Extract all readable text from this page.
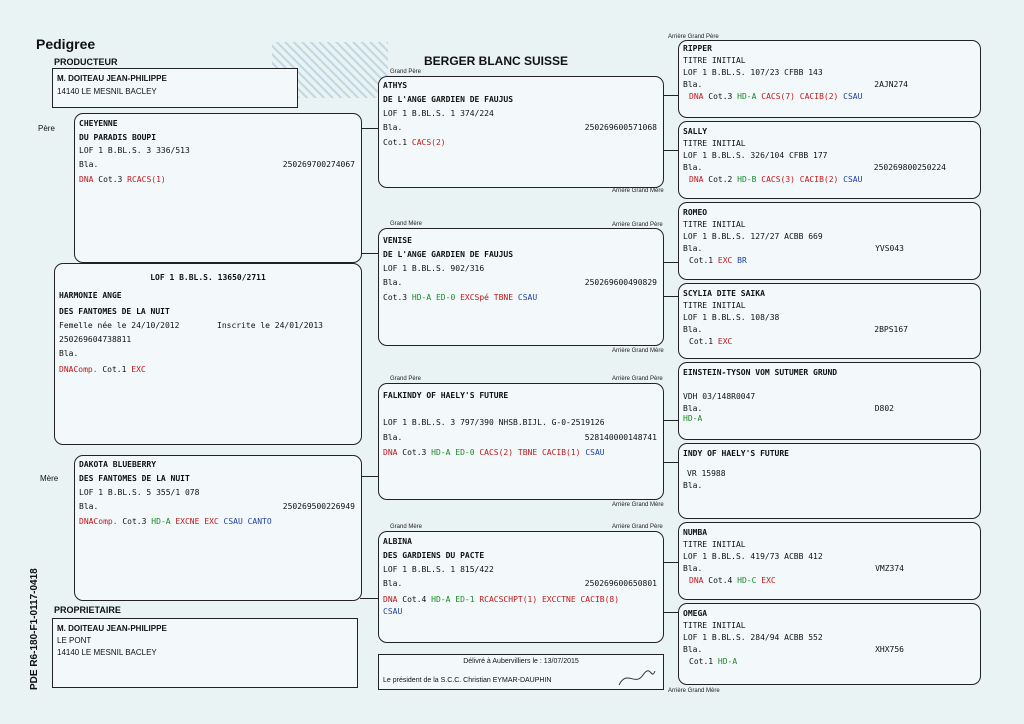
Pedigree
BERGER BLANC SUISSE
PRODUCTEUR
M. DOITEAU JEAN-PHILIPPE
14140 LE MESNIL BACLEY
PDE R6-180-F1-0117-0418
Père
Mère
CHEYENNE
DU PARADIS BOUPI
LOF 1 B.BL.S. 3 336/513
Bla.	250269700274067
DNA Cot.3 RCACS(1)
LOF 1 B.BL.S. 13650/2711
HARMONIE ANGE
DES FANTOMES DE LA NUIT
Femelle née le 24/10/2012	Inscrite le 24/01/2013
250269604738811
Bla.
DNAComp. Cot.1 EXC
DAKOTA BLUEBERRY
DES FANTOMES DE LA NUIT
LOF 1 B.BL.S. 5 355/1 078
Bla.	250269500226949
DNAComp. Cot.3 HD-A EXCNE EXC CSAU CANTO
PROPRIETAIRE
M. DOITEAU JEAN-PHILIPPE
LE PONT
14140 LE MESNIL BACLEY
Grand Père
ATHYS
DE L'ANGE GARDIEN DE FAUJUS
LOF 1 B.BL.S. 1 374/224
Bla.	250269600571068
Cot.1 CACS(2)
Grand Mère
VENISE
DE L'ANGE GARDIEN DE FAUJUS
LOF 1 B.BL.S. 902/316
Bla.	250269600490829
Cot.3 HD-A ED-0 EXCSpé TBNE CSAU
Grand Père
FALKINDY OF HAELY'S FUTURE
LOF 1 B.BL.S. 3 797/390 NHSB.BIJL. G-0-2519126
Bla.	528140000148741
DNA Cot.3 HD-A ED-0 CACS(2) TBNE CACIB(1) CSAU
Grand Mère
ALBINA
DES GARDIENS DU PACTE
LOF 1 B.BL.S. 1 815/422
Bla.	250269600650801
DNA Cot.4 HD-A ED-1 RCACSCHPT(1) EXCCTNE CACIB(8)
CSAU
Délivré à Aubervilliers le : 13/07/2015
Le président de la S.C.C. Christian EYMAR-DAUPHIN
Arrière Grand Père
Arrière Grand Mère
Arrière Grand Père
Arrière Grand Mère
Arrière Grand Père
Arrière Grand Mère
Arrière Grand Père
Arrière Grand Mère
RIPPER
TITRE INITIAL
LOF 1 B.BL.S. 107/23 CFBB 143
Bla.	2AJN274
DNA Cot.3 HD-A CACS(7) CACIB(2) CSAU
SALLY
TITRE INITIAL
LOF 1 B.BL.S. 326/104 CFBB 177
Bla.	250269800250224
DNA Cot.2 HD-B CACS(3) CACIB(2) CSAU
ROMEO
TITRE INITIAL
LOF 1 B.BL.S. 127/27 ACBB 669
Bla.	YVS043
Cot.1 EXC BR
SCYLIA DITE SAIKA
TITRE INITIAL
LOF 1 B.BL.S. 108/38
Bla.	2BPS167
Cot.1 EXC
EINSTEIN-TYSON VOM SUTUMER GRUND
VDH 03/148R0047
Bla.	D802
HD-A
INDY OF HAELY'S FUTURE
VR 15988
Bla.
NUMBA
TITRE INITIAL
LOF 1 B.BL.S. 419/73 ACBB 412
Bla.	VMZ374
DNA Cot.4 HD-C EXC
OMEGA
TITRE INITIAL
LOF 1 B.BL.S. 284/94 ACBB 552
Bla.	XHX756
Cot.1 HD-A
